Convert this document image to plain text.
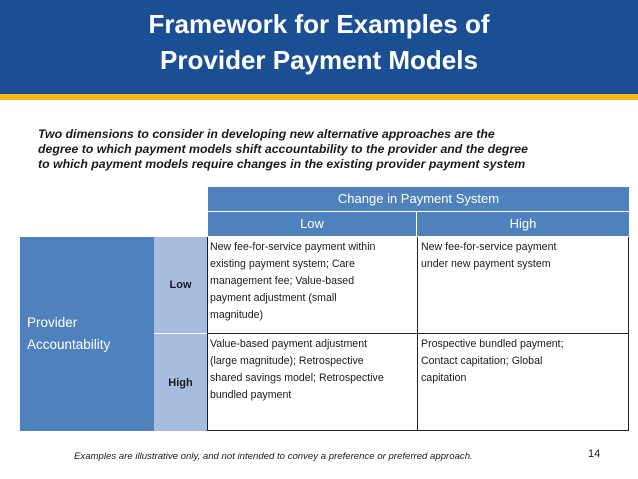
Framework for Examples of
Provider Payment Models
Two dimensions to consider in developing new alternative approaches are the
degree to which payment models shift accountability to the provider and the degree
to which payment models require changes in the existing provider payment system
Change in Payment System
Low	High
Provider
Accountability
Low
High
New fee-for-service payment within
existing payment system; Care
management fee; Value-based
payment adjustment (small
magnitude)
New fee-for-service payment
under new payment system
Value-based payment adjustment
(large magnitude); Retrospective
shared savings model; Retrospective
bundled payment
Prospective bundled payment;
Contact capitation; Global
capitation
Examples are illustrative only, and not intended to convey a preference or preferred approach.	14
